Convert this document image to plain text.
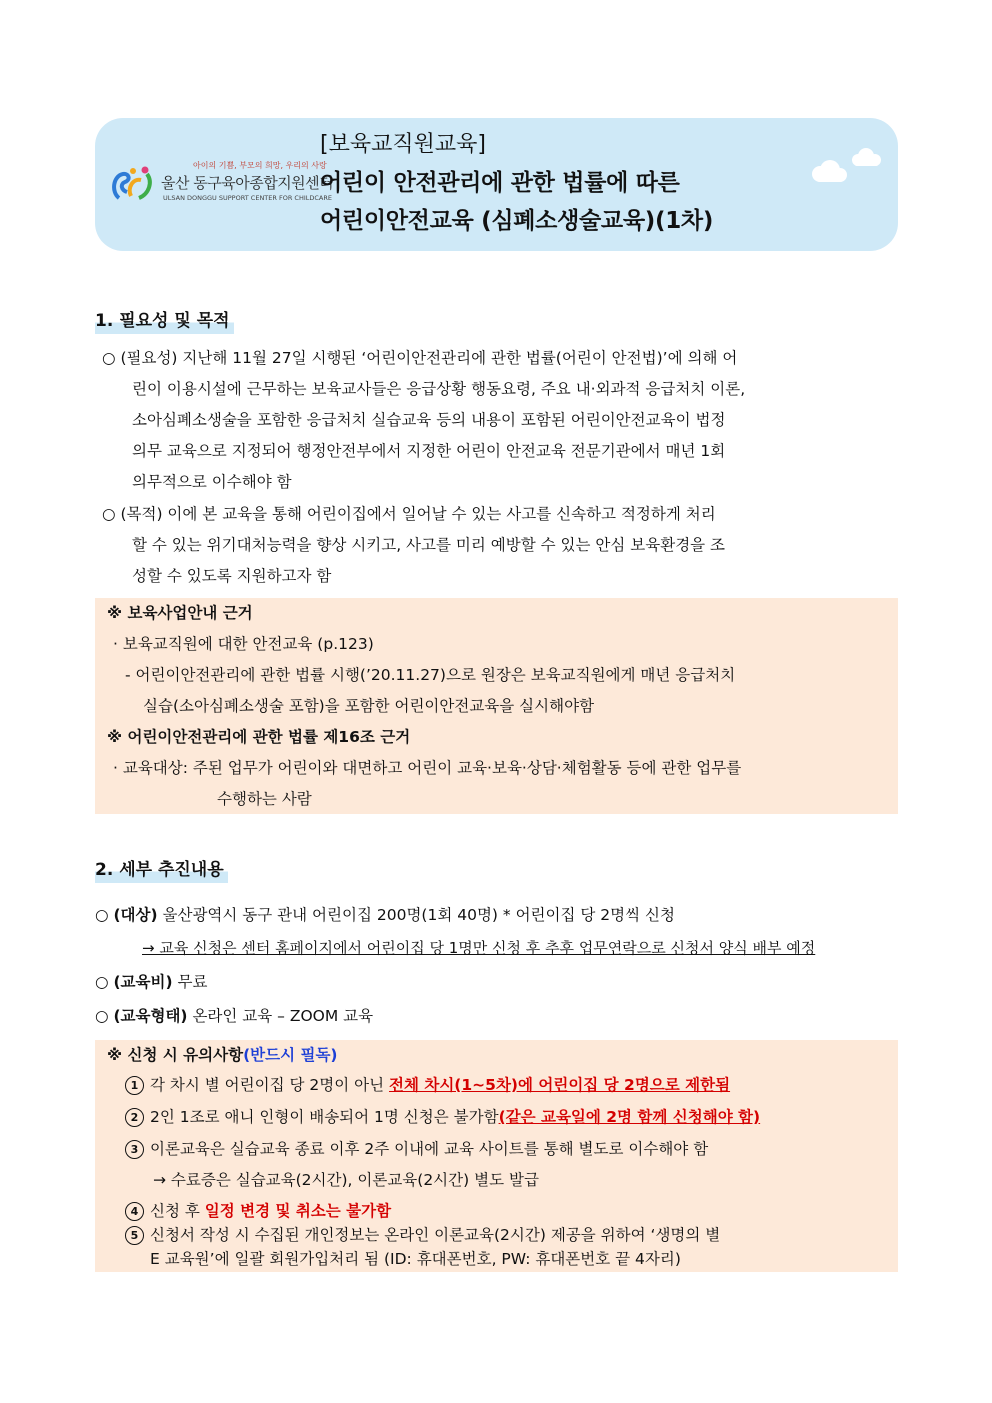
아이의 기쁨, 부모의 희망, 우리의 사랑
울산 동구육아종합지원센터
ULSAN DONGGU SUPPORT CENTER FOR CHILDCARE

[보육교직원교육]

어린이 안전관리에 관한 법률에 따른

어린이안전교육 (심폐소생술교육)(1차)

1. 필요성 및 목적
○ (필요성) 지난해 11월 27일 시행된 ‘어린이안전관리에 관한 법률(어린이 안전법)’에 의해 어
린이 이용시설에 근무하는 보육교사들은 응급상황 행동요령, 주요 내·외과적 응급처치 이론,
소아심폐소생술을 포함한 응급처치 실습교육 등의 내용이 포함된 어린이안전교육이 법정
의무 교육으로 지정되어 행정안전부에서 지정한 어린이 안전교육 전문기관에서 매년 1회
의무적으로 이수해야 함
○ (목적) 이에 본 교육을 통해 어린이집에서 일어날 수 있는 사고를 신속하고 적정하게 처리
할 수 있는 위기대처능력을 향상 시키고, 사고를 미리 예방할 수 있는 안심 보육환경을 조
성할 수 있도록 지원하고자 함
※ 보육사업안내 근거
· 보육교직원에 대한 안전교육 (p.123)
- 어린이안전관리에 관한 법률 시행(’20.11.27)으로 원장은 보육교직원에게 매년 응급처치
실습(소아심폐소생술 포함)을 포함한 어린이안전교육을 실시해야함
※ 어린이안전관리에 관한 법률 제16조 근거
· 교육대상: 주된 업무가 어린이와 대면하고 어린이 교육·보육·상담·체험활동 등에 관한 업무를
수행하는 사람
2. 세부 추진내용
○ (대상) 울산광역시 동구 관내 어린이집 200명(1회 40명) * 어린이집 당 2명씩 신청
→ 교육 신청은 센터 홈페이지에서 어린이집 당 1명만 신청 후 추후 업무연락으로 신청서 양식 배부 예정
○ (교육비) 무료
○ (교육형태) 온라인 교육 – ZOOM 교육
※ 신청 시 유의사항(반드시 필독)
1 각 차시 별 어린이집 당 2명이 아닌 전체 차시(1~5차)에 어린이집 당 2명으로 제한됨
2 2인 1조로 애니 인형이 배송되어 1명 신청은 불가함(같은 교육일에 2명 함께 신청해야 함)
3 이론교육은 실습교육 종료 이후 2주 이내에 교육 사이트를 통해 별도로 이수해야 함
→ 수료증은 실습교육(2시간), 이론교육(2시간) 별도 발급
4 신청 후 일정 변경 및 취소는 불가함
5 신청서 작성 시 수집된 개인정보는 온라인 이론교육(2시간) 제공을 위하여 ‘생명의 별
E 교육원’에 일괄 회원가입처리 됨 (ID: 휴대폰번호, PW: 휴대폰번호 끝 4자리)
